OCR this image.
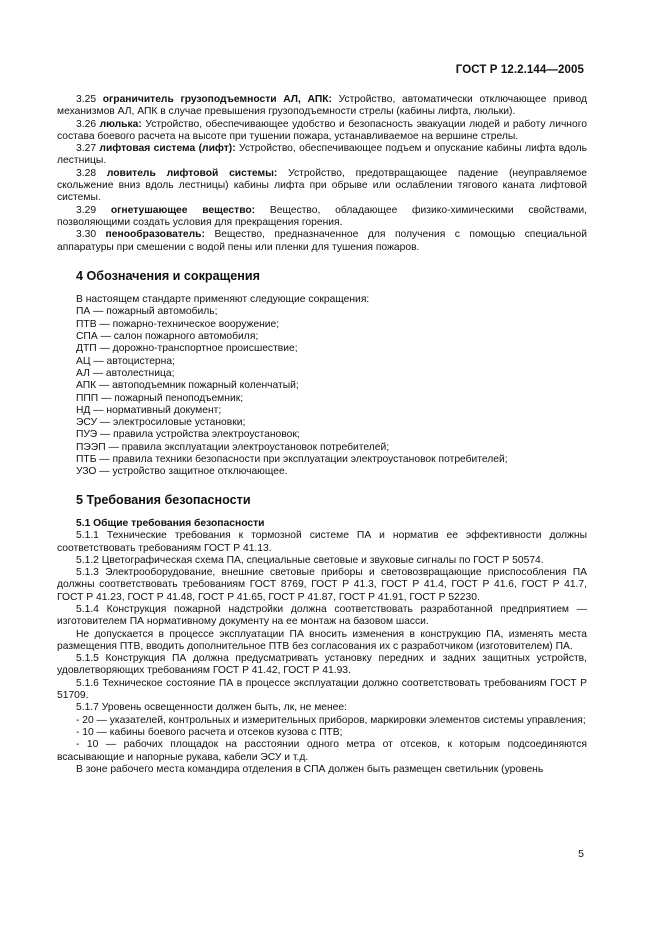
ГОСТ Р 12.2.144—2005

3.25 ограничитель грузоподъемности АЛ, АПК: Устройство, автоматически отключающее привод механизмов АЛ, АПК в случае превышения грузоподъемности стрелы (кабины лифта, люльки).

3.26 люлька: Устройство, обеспечивающее удобство и безопасность эвакуации людей и работу личного состава боевого расчета на высоте при тушении пожара, устанавливаемое на вершине стрелы.

3.27 лифтовая система (лифт): Устройство, обеспечивающее подъем и опускание кабины лифта вдоль лестницы.

3.28 ловитель лифтовой системы: Устройство, предотвращающее падение (неуправляемое скольжение вниз вдоль лестницы) кабины лифта при обрыве или ослаблении тягового каната лифтовой системы.

3.29 огнетушающее вещество: Вещество, обладающее физико-химическими свойствами, позволяющими создать условия для прекращения горения.

3.30 пенообразователь: Вещество, предназначенное для получения с помощью специальной аппаратуры при смешении с водой пены или пленки для тушения пожаров.

4 Обозначения и сокращения

В настоящем стандарте применяют следующие сокращения:

ПА — пожарный автомобиль;

ПТВ — пожарно-техническое вооружение;

СПА — салон пожарного автомобиля;

ДТП — дорожно-транспортное происшествие;

АЦ — автоцистерна;

АЛ — автолестница;

АПК — автоподъемник пожарный коленчатый;

ППП — пожарный пеноподъемник;

НД — нормативный документ;

ЭСУ — электросиловые установки;

ПУЭ — правила устройства электроустановок;

ПЭЭП — правила эксплуатации электроустановок потребителей;

ПТБ — правила техники безопасности при эксплуатации электроустановок потребителей;

УЗО — устройство защитное отключающее.

5 Требования безопасности

5.1 Общие требования безопасности

5.1.1 Технические требования к тормозной системе ПА и норматив ее эффективности должны соответствовать требованиям ГОСТ Р 41.13.

5.1.2 Цветографическая схема ПА, специальные световые и звуковые сигналы по ГОСТ Р 50574.

5.1.3 Электрооборудование, внешние световые приборы и световозвращающие приспособления ПА должны соответствовать требованиям ГОСТ 8769, ГОСТ Р 41.3, ГОСТ Р 41.4, ГОСТ Р 41.6, ГОСТ Р 41.7, ГОСТ Р 41.23, ГОСТ Р 41.48, ГОСТ Р 41.65, ГОСТ Р 41.87, ГОСТ Р 41.91, ГОСТ Р 52230.

5.1.4 Конструкция пожарной надстройки должна соответствовать разработанной предприятием — изготовителем ПА нормативному документу на ее монтаж на базовом шасси.

Не допускается в процессе эксплуатации ПА вносить изменения в конструкцию ПА, изменять места размещения ПТВ, вводить дополнительное ПТВ без согласования их с разработчиком (изготовителем) ПА.

5.1.5 Конструкция ПА должна предусматривать установку передних и задних защитных устройств, удовлетворяющих требованиям ГОСТ Р 41.42, ГОСТ Р 41.93.

5.1.6 Техническое состояние ПА в процессе эксплуатации должно соответствовать требованиям ГОСТ Р 51709.

5.1.7 Уровень освещенности должен быть, лк, не менее:

- 20 — указателей, контрольных и измерительных приборов, маркировки элементов системы управления;

- 10 — кабины боевого расчета и отсеков кузова с ПТВ;

- 10 — рабочих площадок на расстоянии одного метра от отсеков, к которым подсоединяются всасывающие и напорные рукава, кабели ЭСУ и т.д.

В зоне рабочего места командира отделения в СПА должен быть размещен светильник (уровень

5
